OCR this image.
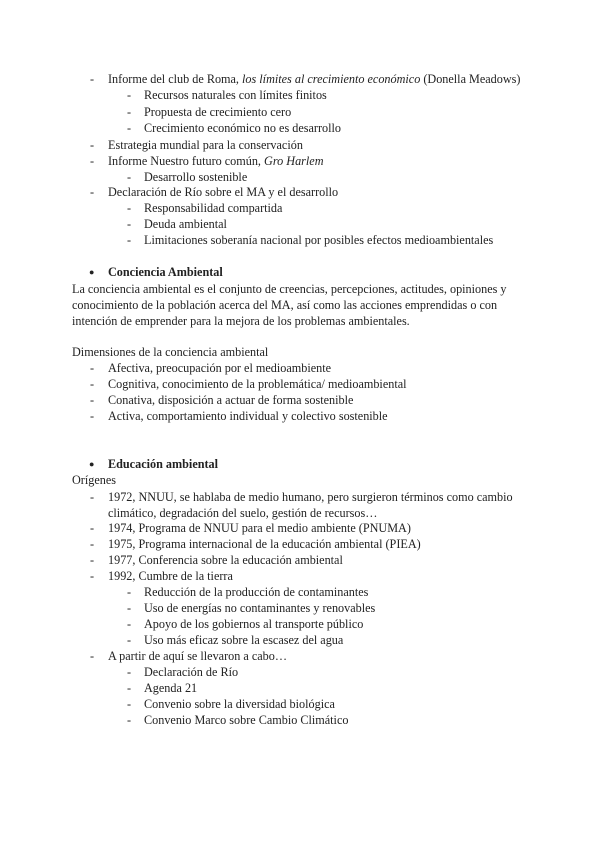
- Informe del club de Roma, los límites al crecimiento económico (Donella Meadows)
- Recursos naturales con límites finitos
- Propuesta de crecimiento cero
- Crecimiento económico no es desarrollo
- Estrategia mundial para la conservación
- Informe Nuestro futuro común, Gro Harlem
- Desarrollo sostenible
- Declaración de Río sobre el MA y el desarrollo
- Responsabilidad compartida
- Deuda ambiental
- Limitaciones soberanía nacional por posibles efectos medioambientales
● Conciencia Ambiental
La conciencia ambiental es el conjunto de creencias, percepciones, actitudes, opiniones y
conocimiento de la población acerca del MA, así como las acciones emprendidas o con
intención de emprender para la mejora de los problemas ambientales.
Dimensiones de la conciencia ambiental
- Afectiva, preocupación por el medioambiente
- Cognitiva, conocimiento de la problemática/ medioambiental
- Conativa, disposición a actuar de forma sostenible
- Activa, comportamiento individual y colectivo sostenible
● Educación ambiental
Orígenes
- 1972, NNUU, se hablaba de medio humano, pero surgieron términos como cambio
climático, degradación del suelo, gestión de recursos…
- 1974, Programa de NNUU para el medio ambiente (PNUMA)
- 1975, Programa internacional de la educación ambiental (PIEA)
- 1977, Conferencia sobre la educación ambiental
- 1992, Cumbre de la tierra
- Reducción de la producción de contaminantes
- Uso de energías no contaminantes y renovables
- Apoyo de los gobiernos al transporte público
- Uso más eficaz sobre la escasez del agua
- A partir de aquí se llevaron a cabo…
- Declaración de Río
- Agenda 21
- Convenio sobre la diversidad biológica
- Convenio Marco sobre Cambio Climático
